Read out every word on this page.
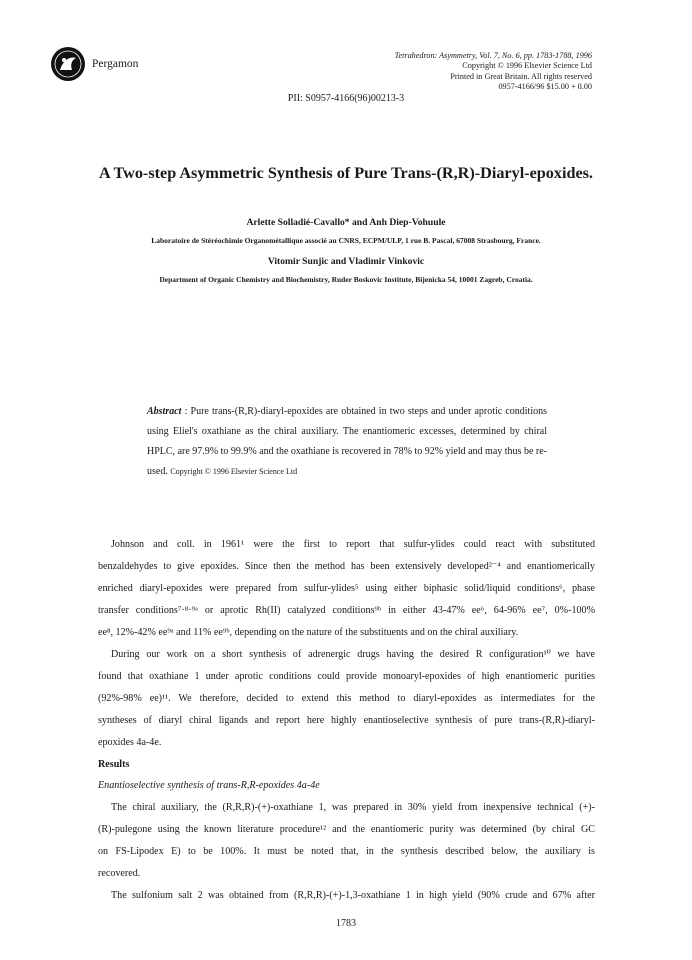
Pergamon
Tetrahedron: Asymmetry, Vol. 7, No. 6, pp. 1783-1788, 1996
Copyright © 1996 Elsevier Science Ltd
Printed in Great Britain. All rights reserved
0957-4166/96 $15.00 + 0.00
PII: S0957-4166(96)00213-3
A Two-step Asymmetric Synthesis of Pure Trans-(R,R)-Diaryl-epoxides.
Arlette Solladié-Cavallo* and Anh Diep-Vohuule
Laboratoire de Stéréochimie Organométallique associé au CNRS, ECPM/ULP, 1 rue B. Pascal, 67008 Strasbourg, France.
Vitomir Sunjic and Vladimir Vinkovic
Department of Organic Chemistry and Biochemistry, Ruder Boskovic Institute, Bijenicka 54, 10001 Zagreb, Croatia.
Abstract : Pure trans-(R,R)-diaryl-epoxides are obtained in two steps and under aprotic conditions using Eliel's oxathiane as the chiral auxiliary. The enantiomeric excesses, determined by chiral HPLC, are 97.9% to 99.9% and the oxathiane is recovered in 78% to 92% yield and may thus be re-used. Copyright © 1996 Elsevier Science Ltd
Johnson and coll. in 1961¹ were the first to report that sulfur-ylides could react with substituted
benzaldehydes to give epoxides. Since then the method has been extensively developed²⁻⁴ and enantiomerically
enriched diaryl-epoxides were prepared from sulfur-ylides⁵ using either biphasic solid/liquid conditions⁶, phase
transfer conditions⁷·⁸·⁹ᵃ or aprotic Rh(II) catalyzed conditions⁹ᵇ in either 43-47% ee⁶, 64-96% ee⁷, 0%-100%
ee⁸, 12%-42% ee⁹ᵃ and 11% ee⁹ᵇ, depending on the nature of the substituents and on the chiral auxiliary.
During our work on a short synthesis of adrenergic drugs having the desired R configuration¹⁰ we have
found that oxathiane 1 under aprotic conditions could provide monoaryl-epoxides of high enantiomeric purities
(92%-98% ee)¹¹. We therefore, decided to extend this method to diaryl-epoxides as intermediates for the
syntheses of diaryl chiral ligands and report here highly enantioselective synthesis of pure trans-(R,R)-diaryl-
epoxides 4a-4e.
Results
Enantioselective synthesis of trans-R,R-epoxides 4a-4e
The chiral auxiliary, the (R,R,R)-(+)-oxathiane 1, was prepared in 30% yield from inexpensive technical (+)-
(R)-pulegone using the known literature procedure¹² and the enantiomeric purity was determined (by chiral GC
on FS-Lipodex E) to be 100%. It must be noted that, in the synthesis described below, the auxiliary is
recovered.
The sulfonium salt 2 was obtained from (R,R,R)-(+)-1,3-oxathiane 1 in high yield (90% crude and 67% after
1783
